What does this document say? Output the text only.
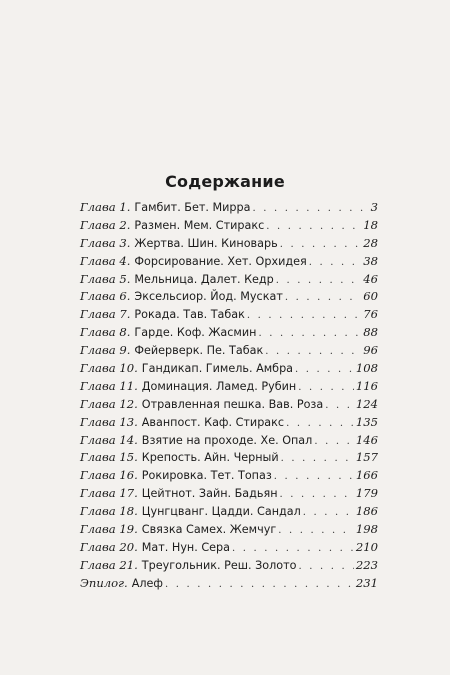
Содержание
Глава 1. Гамбит. Бет. Мирра . . .	3
Глава 2. Размен. Мем. Стиракс . . .	18
Глава 3. Жертва. Шин. Киноварь . . .	28
Глава 4. Форсирование. Хет. Орхидея . . .	38
Глава 5. Мельница. Далет. Кедр . . .	46
Глава 6. Эксельсиор. Йод. Мускат . . .	60
Глава 7. Рокада. Тав. Табак . . .	76
Глава 8. Гарде. Коф. Жасмин . . .	88
Глава 9. Фейерверк. Пе. Табак . . .	96
Глава 10. Гандикап. Гимель. Амбра . . .	108
Глава 11. Доминация. Ламед. Рубин . . .	116
Глава 12. Отравленная пешка. Вав. Роза . . .	124
Глава 13. Аванпост. Каф. Стиракс . . .	135
Глава 14. Взятие на проходе. Хе. Опал . . .	146
Глава 15. Крепость. Айн. Черный . . .	157
Глава 16. Рокировка. Тет. Топаз . . .	166
Глава 17. Цейтнот. Зайн. Бадьян . . .	179
Глава 18. Цунгцванг. Цадди. Сандал . . .	186
Глава 19. Связка Самех. Жемчуг . . .	198
Глава 20. Мат. Нун. Сера . . .	210
Глава 21. Треугольник. Реш. Золото . . .	223
Эпилог. Алеф . . .	231
